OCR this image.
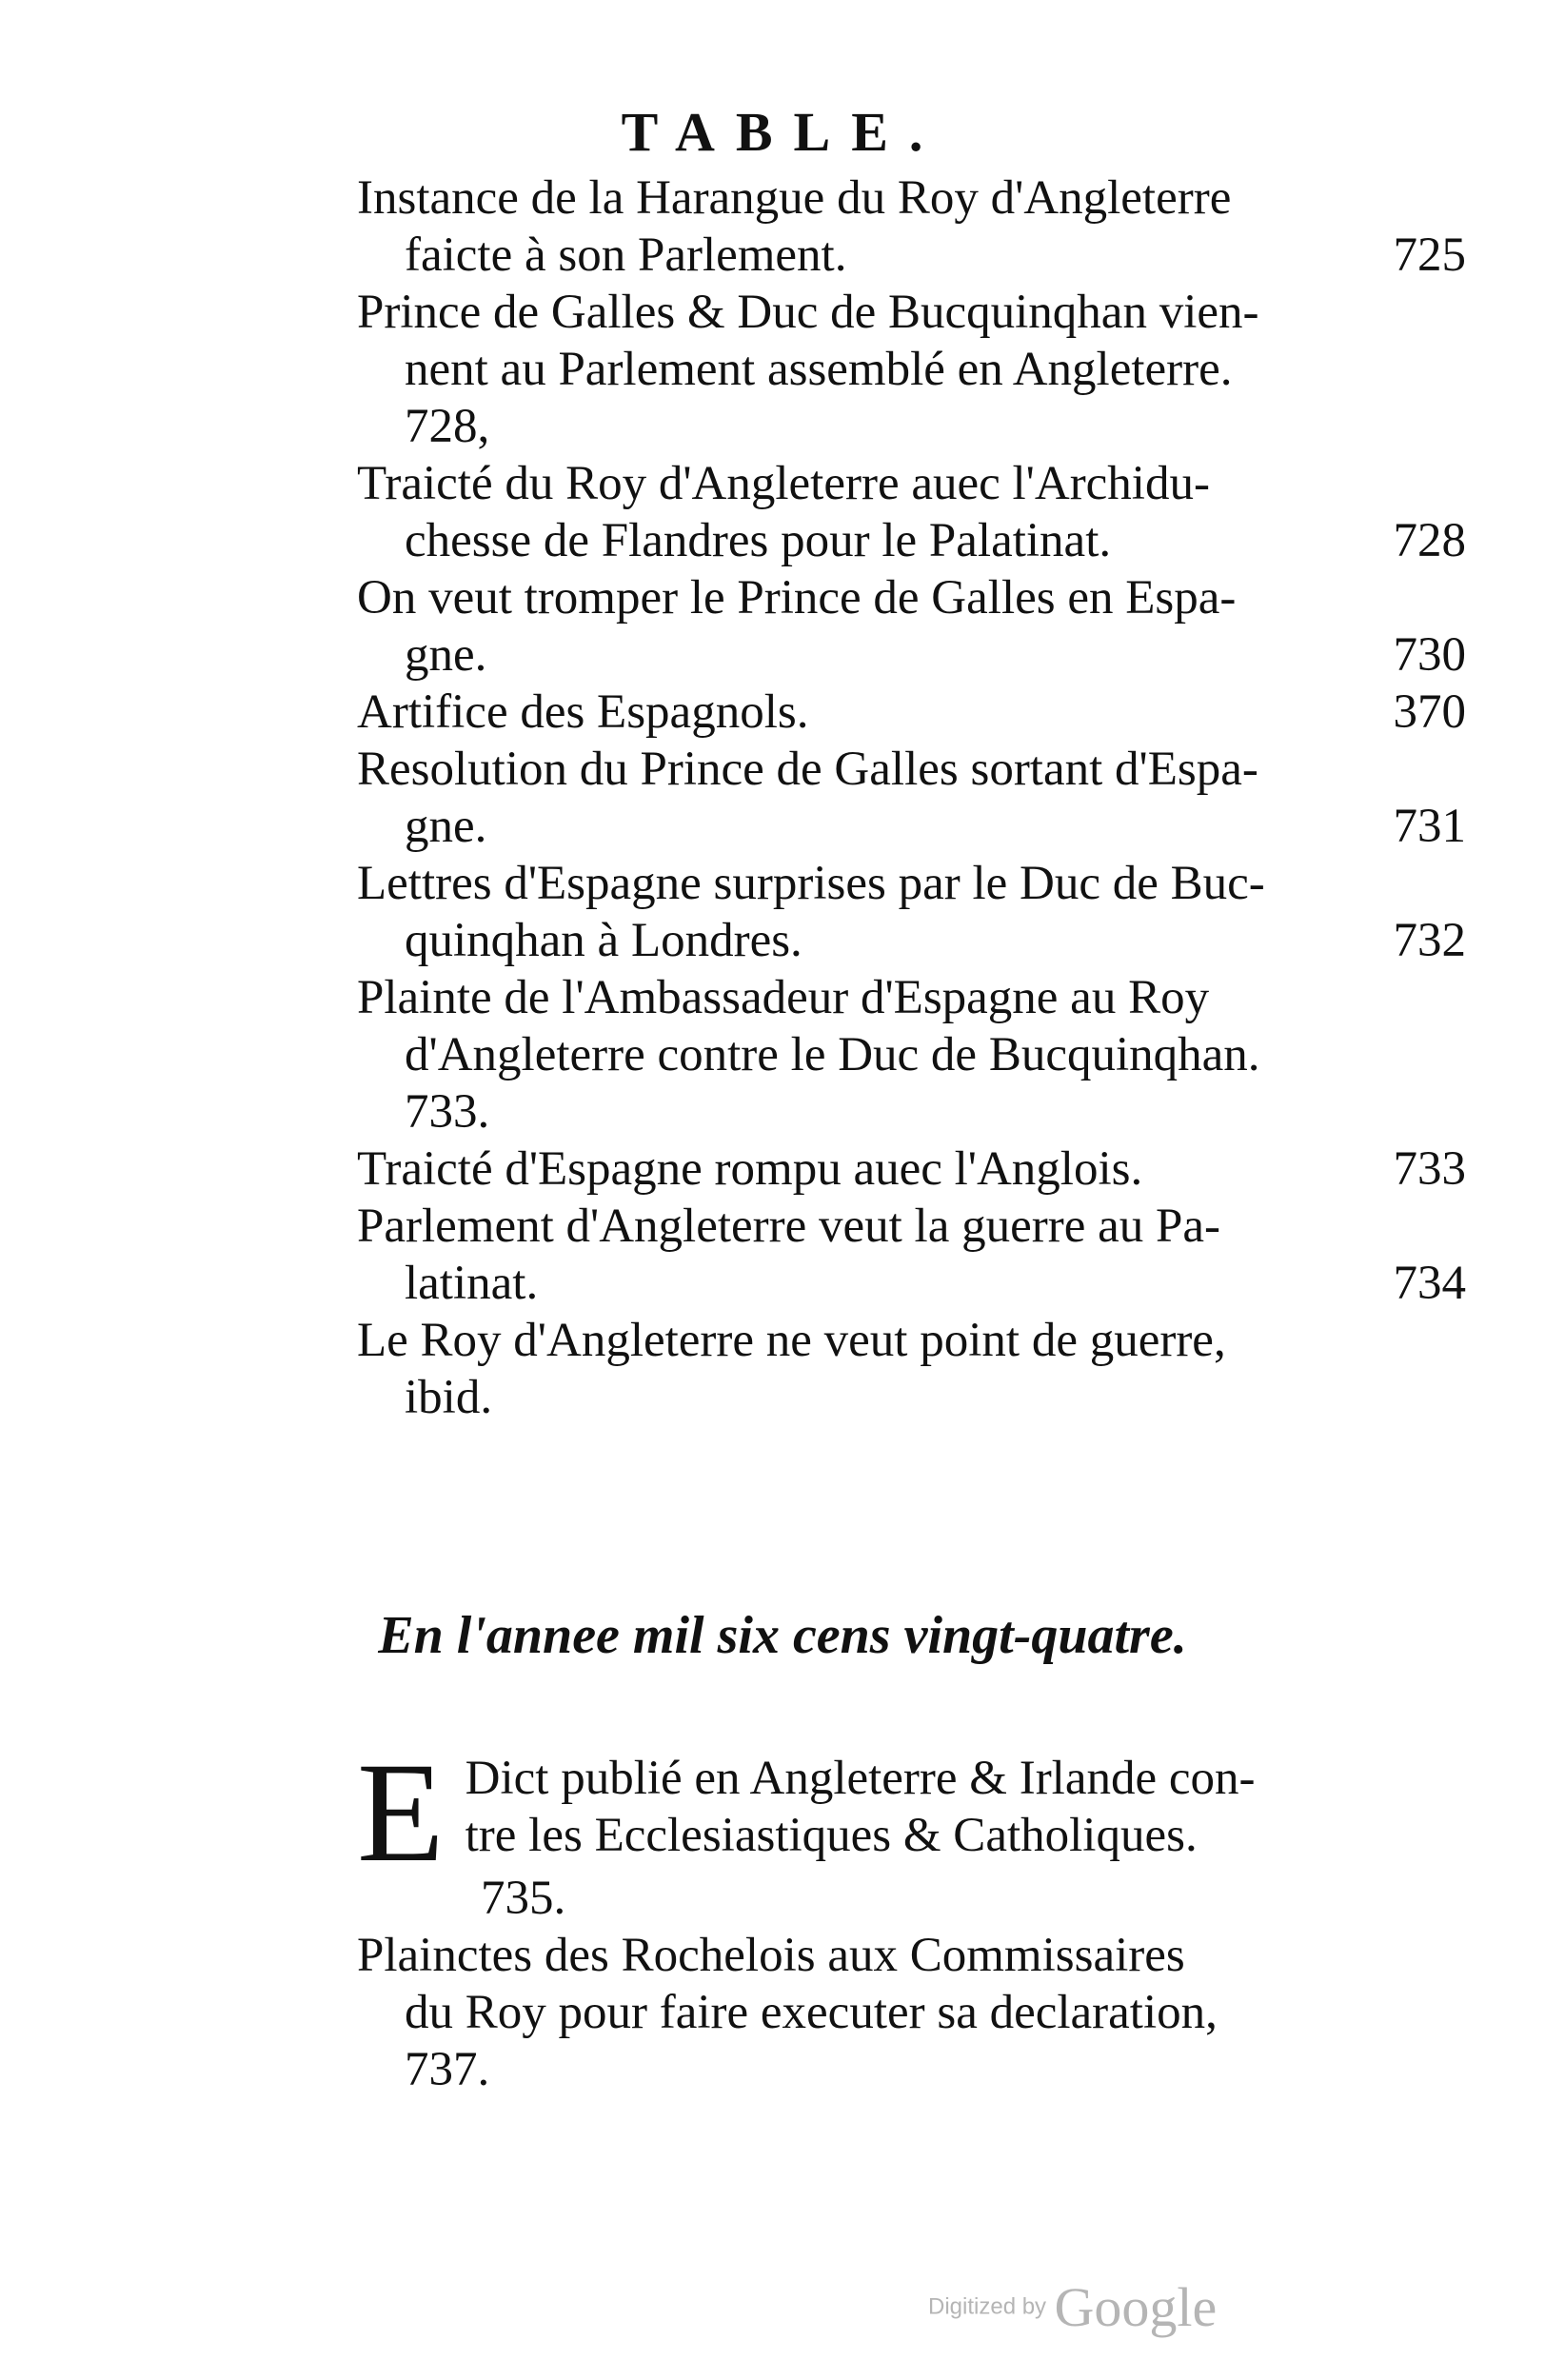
TABLE.
Instance de la Harangue du Roy d'Angleterre
faicte à son Parlement.	725
Prince de Galles & Duc de Bucquinqhan vien-
nent au Parlement assemblé en Angleterre.
728,
Traicté du Roy d'Angleterre auec l'Archidu-
chesse de Flandres pour le Palatinat.	728
On veut tromper le Prince de Galles en Espa-
gne.	730
Artifice des Espagnols.	370
Resolution du Prince de Galles sortant d'Espa-
gne.	731
Lettres d'Espagne surprises par le Duc de Buc-
quinqhan à Londres.	732
Plainte de l'Ambassadeur d'Espagne au Roy
d'Angleterre contre le Duc de Bucquinqhan.
733.
Traicté d'Espagne rompu auec l'Anglois.	733
Parlement d'Angleterre veut la guerre au Pa-
latinat.	734
Le Roy d'Angleterre ne veut point de guerre,
ibid.
En l'annee mil six cens vingt-quatre.
E Dict publié en Angleterre & Irlande con-
tre les Ecclesiastiques & Catholiques.
735.
Plainctes des Rochelois aux Commissaires
du Roy pour faire executer sa declaration,
737.
Digitized by Google
